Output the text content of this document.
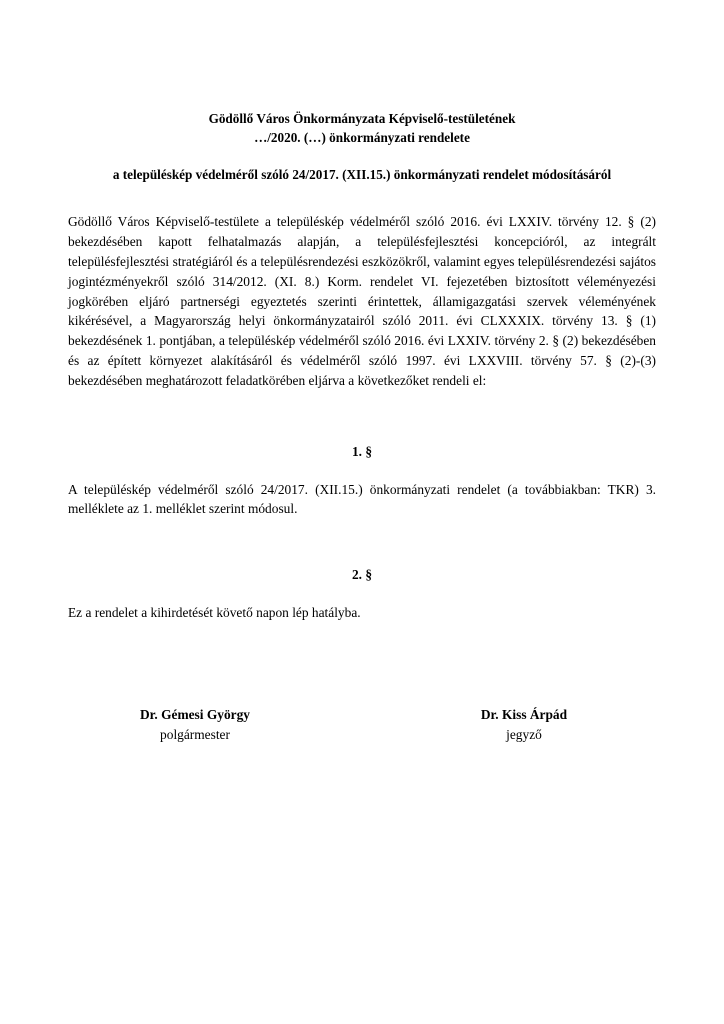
Gödöllő Város Önkormányzata Képviselő-testületének
…/2020. (…) önkormányzati rendelete
a településkép védelméről szóló 24/2017. (XII.15.) önkormányzati rendelet módosításáról
Gödöllő Város Képviselő-testülete a településkép védelméről szóló 2016. évi LXXIV. törvény 12. § (2) bekezdésében kapott felhatalmazás alapján, a településfejlesztési koncepcióról, az integrált településfejlesztési stratégiáról és a településrendezési eszközökről, valamint egyes településrendezési sajátos jogintézményekről szóló 314/2012. (XI. 8.) Korm. rendelet VI. fejezetében biztosított véleményezési jogkörében eljáró partnerségi egyeztetés szerinti érintettek, államigazgatási szervek véleményének kikérésével, a Magyarország helyi önkormányzatairól szóló 2011. évi CLXXXIX. törvény 13. § (1) bekezdésének 1. pontjában, a településkép védelméről szóló 2016. évi LXXIV. törvény 2. § (2) bekezdésében és az épített környezet alakításáról és védelméről szóló 1997. évi LXXVIII. törvény 57. § (2)-(3) bekezdésében meghatározott feladatkörében eljárva a következőket rendeli el:
1. §
A településkép védelméről szóló 24/2017. (XII.15.) önkormányzati rendelet (a továbbiakban: TKR) 3. melléklete az 1. melléklet szerint módosul.
2. §
Ez a rendelet a kihirdetését követő napon lép hatályba.
Dr. Gémesi György
polgármester
Dr. Kiss Árpád
jegyző
